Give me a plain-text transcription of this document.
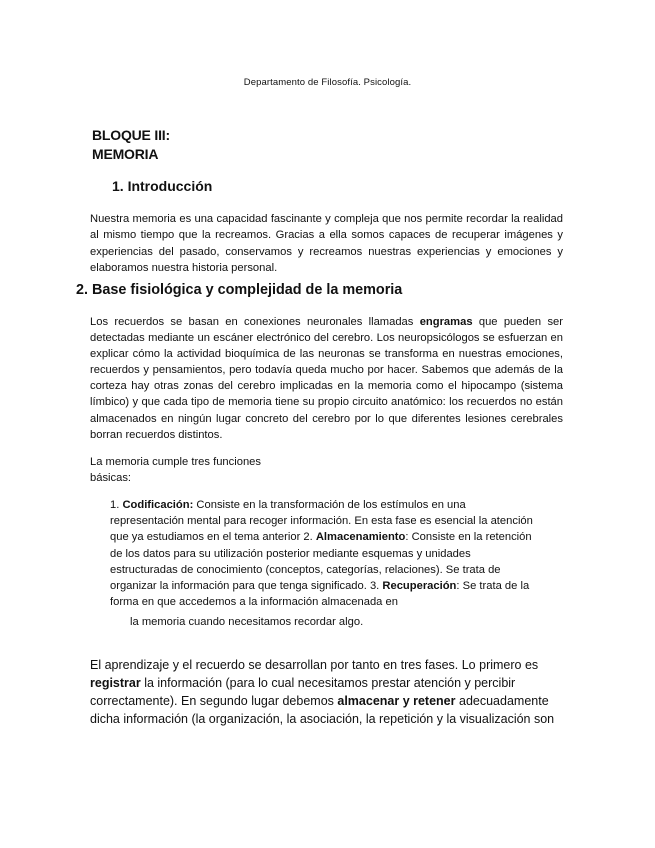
Departamento de Filosofía. Psicología.
BLOQUE III:
MEMORIA
1. Introducción

Nuestra memoria es una capacidad fascinante y compleja que nos permite recordar la realidad al mismo tiempo que la recreamos. Gracias a ella somos capaces de recuperar imágenes y experiencias del pasado, conservamos y recreamos nuestras experiencias y emociones y elaboramos nuestra historia personal.

2. Base fisiológica y complejidad de la memoria

Los recuerdos se basan en conexiones neuronales llamadas engramas que pueden ser detectadas mediante un escáner electrónico del cerebro. Los neuropsicólogos se esfuerzan en explicar cómo la actividad bioquímica de las neuronas se transforma en nuestras emociones, recuerdos y pensamientos, pero todavía queda mucho por hacer. Sabemos que además de la corteza hay otras zonas del cerebro implicadas en la memoria como el hipocampo (sistema límbico) y que cada tipo de memoria tiene su propio circuito anatómico: los recuerdos no están almacenados en ningún lugar concreto del cerebro por lo que diferentes lesiones cerebrales borran recuerdos distintos.

La memoria cumple tres funciones básicas:

1. Codificación: Consiste en la transformación de los estímulos en una representación mental para recoger información. En esta fase es esencial la atención que ya estudiamos en el tema anterior 2. Almacenamiento: Consiste en la retención de los datos para su utilización posterior mediante esquemas y unidades estructuradas de conocimiento (conceptos, categorías, relaciones). Se trata de organizar la información para que tenga significado. 3. Recuperación: Se trata de la forma en que accedemos a la información almacenada en

la memoria cuando necesitamos recordar algo.

El aprendizaje y el recuerdo se desarrollan por tanto en tres fases. Lo primero es registrar la información (para lo cual necesitamos prestar atención y percibir correctamente). En segundo lugar debemos almacenar y retener adecuadamente dicha información (la organización, la asociación, la repetición y la visualización son
